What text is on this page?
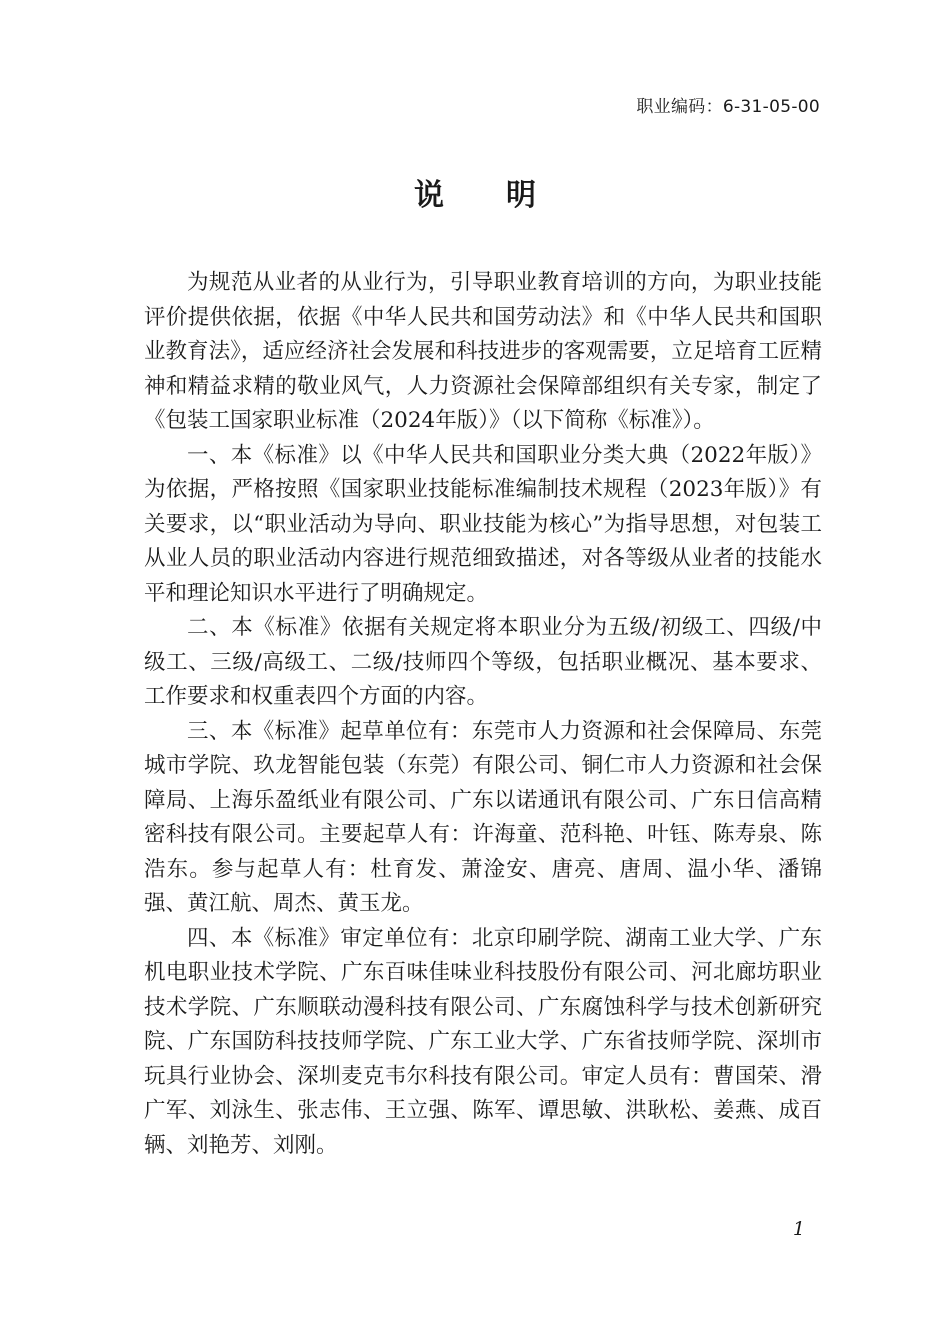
职业编码：6-31-05-00
说明

为规范从业者的从业行为，引导职业教育培训的方向，为职业技能评价提供依据，依据《中华人民共和国劳动法》和《中华人民共和国职业教育法》，适应经济社会发展和科技进步的客观需要，立足培育工匠精神和精益求精的敬业风气，人力资源社会保障部组织有关专家，制定了《包装工国家职业标准（2024年版）》（以下简称《标准》）。

一、本《标准》以《中华人民共和国职业分类大典（2022年版）》为依据，严格按照《国家职业技能标准编制技术规程（2023年版）》有关要求，以“职业活动为导向、职业技能为核心”为指导思想，对包装工从业人员的职业活动内容进行规范细致描述，对各等级从业者的技能水平和理论知识水平进行了明确规定。

二、本《标准》依据有关规定将本职业分为五级/初级工、四级/中级工、三级/高级工、二级/技师四个等级，包括职业概况、基本要求、工作要求和权重表四个方面的内容。

三、本《标准》起草单位有：东莞市人力资源和社会保障局、东莞城市学院、玖龙智能包装（东莞）有限公司、铜仁市人力资源和社会保障局、上海乐盈纸业有限公司、广东以诺通讯有限公司、广东日信高精密科技有限公司。主要起草人有：许海童、范科艳、叶钰、陈寿泉、陈浩东。参与起草人有：杜育发、萧淦安、唐亮、唐周、温小华、潘锦强、黄江航、周杰、黄玉龙。

四、本《标准》审定单位有：北京印刷学院、湖南工业大学、广东机电职业技术学院、广东百味佳味业科技股份有限公司、河北廊坊职业技术学院、广东顺联动漫科技有限公司、广东腐蚀科学与技术创新研究院、广东国防科技技师学院、广东工业大学、广东省技师学院、深圳市玩具行业协会、深圳麦克韦尔科技有限公司。审定人员有：曹国荣、滑广军、刘泳生、张志伟、王立强、陈军、谭思敏、洪耿松、姜燕、成百辆、刘艳芳、刘刚。

1
